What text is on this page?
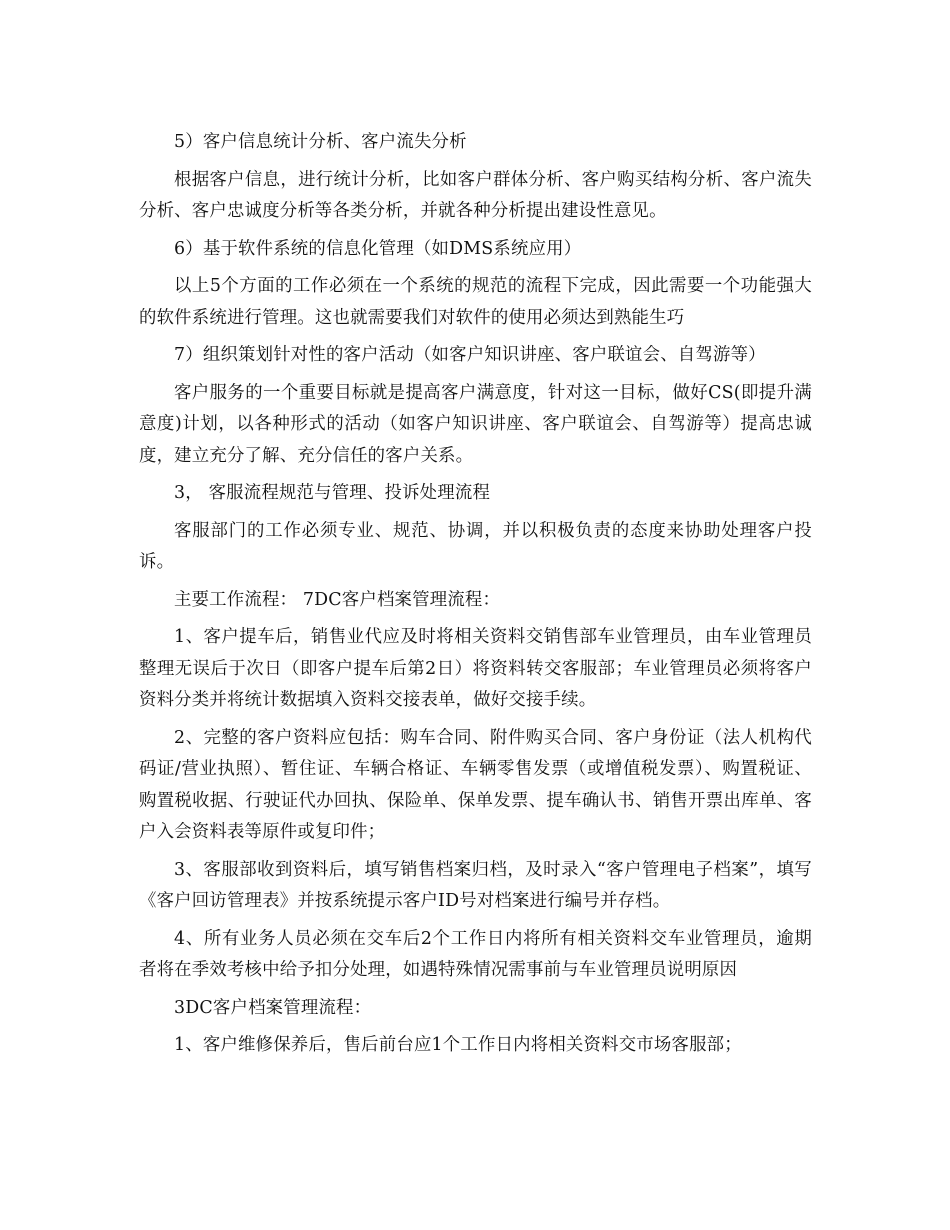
5）客户信息统计分析、客户流失分析

根据客户信息，进行统计分析，比如客户群体分析、客户购买结构分析、客户流失分析、客户忠诚度分析等各类分析，并就各种分析提出建设性意见。

6）基于软件系统的信息化管理（如DMS系统应用）

以上5个方面的工作必须在一个系统的规范的流程下完成，因此需要一个功能强大的软件系统进行管理。这也就需要我们对软件的使用必须达到熟能生巧

7）组织策划针对性的客户活动（如客户知识讲座、客户联谊会、自驾游等）

客户服务的一个重要目标就是提高客户满意度，针对这一目标，做好CS(即提升满意度)计划，以各种形式的活动（如客户知识讲座、客户联谊会、自驾游等）提高忠诚度，建立充分了解、充分信任的客户关系。

3， 客服流程规范与管理、投诉处理流程

客服部门的工作必须专业、规范、协调，并以积极负责的态度来协助处理客户投诉。

主要工作流程： 7DC客户档案管理流程：

1、客户提车后，销售业代应及时将相关资料交销售部车业管理员，由车业管理员整理无误后于次日（即客户提车后第2日）将资料转交客服部；车业管理员必须将客户资料分类并将统计数据填入资料交接表单，做好交接手续。

2、完整的客户资料应包括：购车合同、附件购买合同、客户身份证（法人机构代码证/营业执照）、暂住证、车辆合格证、车辆零售发票（或增值税发票）、购置税证、购置税收据、行驶证代办回执、保险单、保单发票、提车确认书、销售开票出库单、客户入会资料表等原件或复印件；

3、客服部收到资料后，填写销售档案归档，及时录入“客户管理电子档案”，填写《客户回访管理表》并按系统提示客户ID号对档案进行编号并存档。

4、所有业务人员必须在交车后2个工作日内将所有相关资料交车业管理员，逾期者将在季效考核中给予扣分处理，如遇特殊情况需事前与车业管理员说明原因

3DC客户档案管理流程：

1、客户维修保养后，售后前台应1个工作日内将相关资料交市场客服部；
